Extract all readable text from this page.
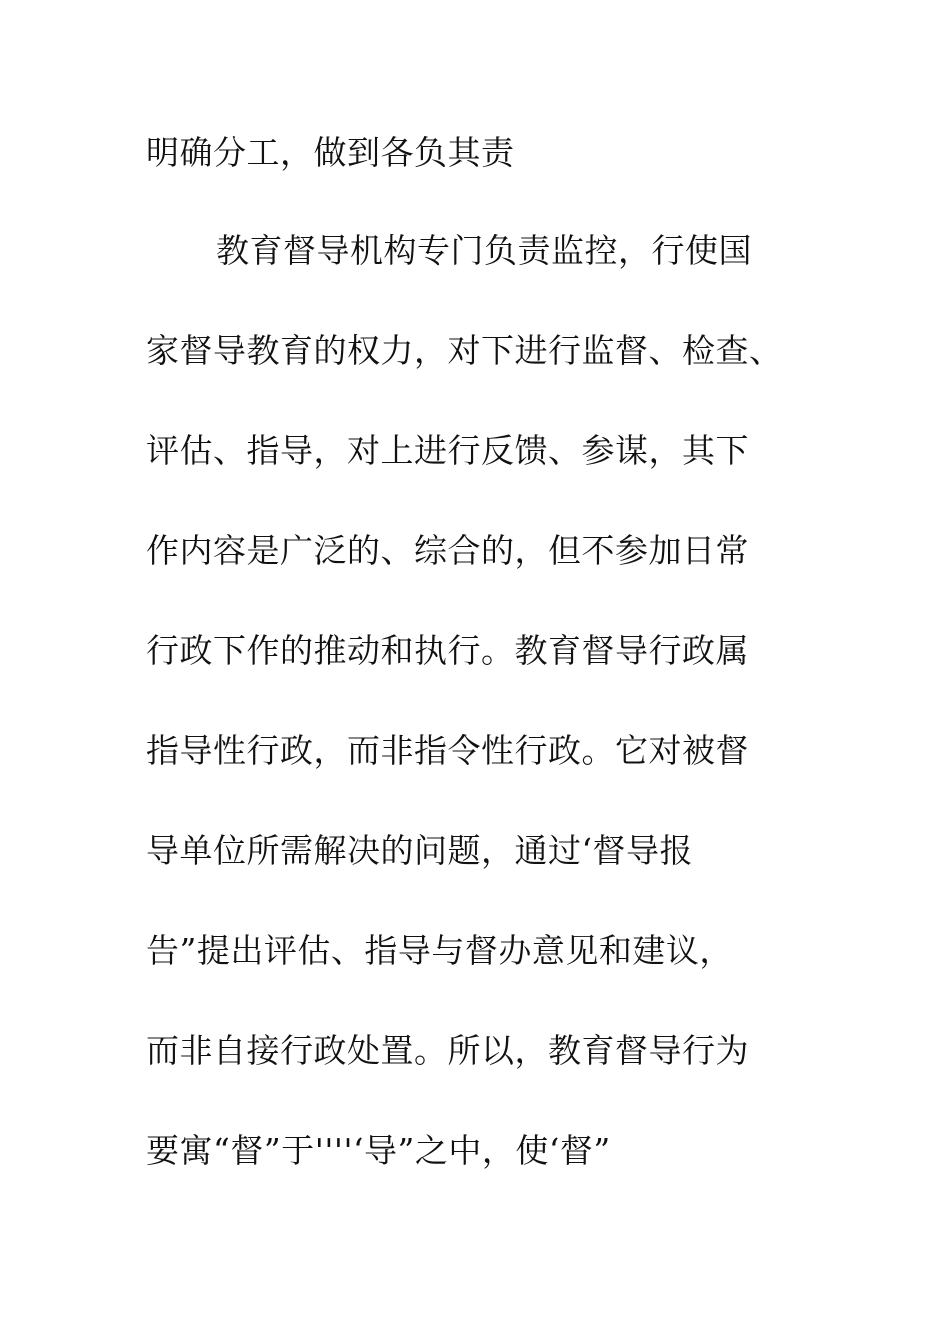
明确分工，做到各负其责
教育督导机构专门负责监控，行使国
家督导教育的权力，对下进行监督、检查、
评估、指导，对上进行反馈、参谋，其下
作内容是广泛的、综合的，但不参加日常
行政下作的推动和执行。教育督导行政属
指导性行政，而非指令性行政。它对被督
导单位所需解决的问题，通过‘督导报
告”提出评估、指导与督办意见和建议，
而非自接行政处置。所以，教育督导行为
要寓“督”于''''‘导”之中，使‘督”
